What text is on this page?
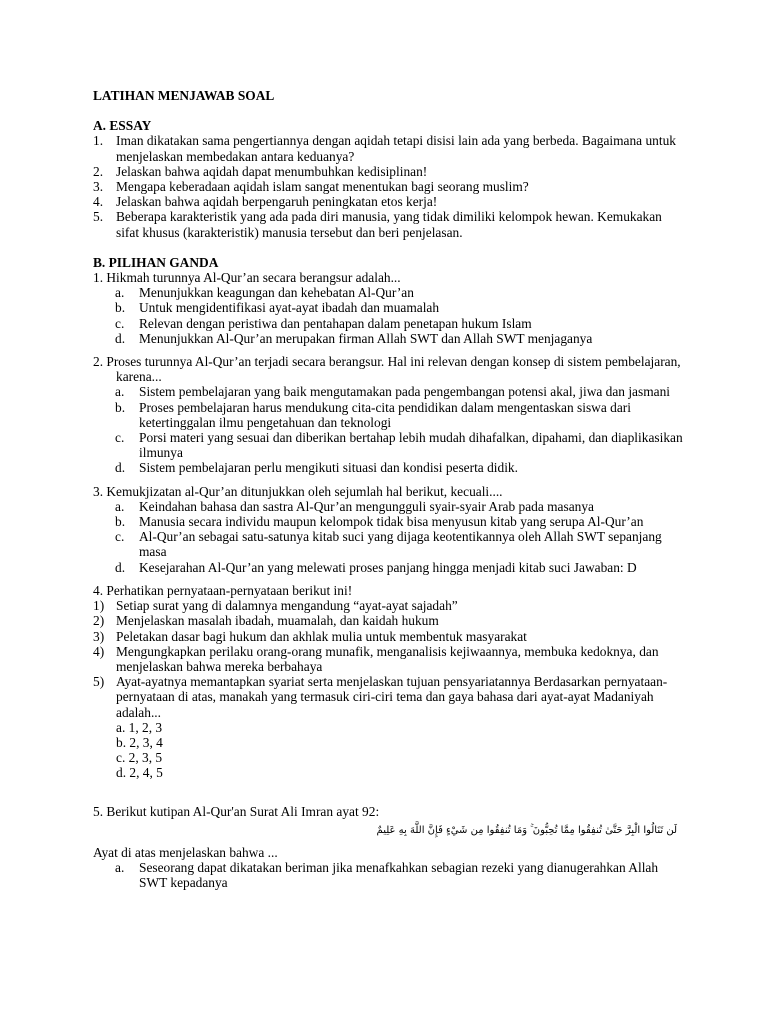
LATIHAN MENJAWAB SOAL

A. ESSAY

1. Iman dikatakan sama pengertiannya dengan aqidah tetapi disisi lain ada yang berbeda. Bagaimana untuk menjelaskan membedakan antara keduanya?
2. Jelaskan bahwa aqidah dapat menumbuhkan kedisiplinan!
3. Mengapa keberadaan aqidah islam sangat menentukan bagi seorang muslim?
4. Jelaskan bahwa aqidah berpengaruh peningkatan etos kerja!
5. Beberapa karakteristik yang ada pada diri manusia, yang tidak dimiliki kelompok hewan. Kemukakan sifat khusus (karakteristik) manusia tersebut dan beri penjelasan.

B. PILIHAN GANDA

1. Hikmah turunnya Al-Qur’an secara berangsur adalah...

a.	Menunjukkan keagungan dan kehebatan Al-Qur’an
b.	Untuk mengidentifikasi ayat-ayat ibadah dan muamalah
c.	Relevan dengan peristiwa dan pentahapan dalam penetapan hukum Islam
d.	Menunjukkan Al-Qur’an merupakan firman Allah SWT dan Allah SWT menjaganya

2. Proses turunnya Al-Qur’an terjadi secara berangsur. Hal ini relevan dengan konsep di sistem pembelajaran, karena...

a.	Sistem pembelajaran yang baik mengutamakan pada pengembangan potensi akal, jiwa dan jasmani
b.	Proses pembelajaran harus mendukung cita-cita pendidikan dalam mengentaskan siswa dari ketertinggalan ilmu pengetahuan dan teknologi
c.	Porsi materi yang sesuai dan diberikan bertahap lebih mudah dihafalkan, dipahami, dan diaplikasikan ilmunya
d.	Sistem pembelajaran perlu mengikuti situasi dan kondisi peserta didik.

3. Kemukjizatan al-Qur’an ditunjukkan oleh sejumlah hal berikut, kecuali....

a.	Keindahan bahasa dan sastra Al-Qur’an mengungguli syair-syair Arab pada masanya
b.	Manusia secara individu maupun kelompok tidak bisa menyusun kitab yang serupa Al-Qur’an
c.	Al-Qur’an sebagai satu-satunya kitab suci yang dijaga keotentikannya oleh Allah SWT sepanjang masa
d.	Kesejarahan Al-Qur’an yang melewati proses panjang hingga menjadi kitab suci Jawaban: D

4. Perhatikan pernyataan-pernyataan berikut ini!

1) Setiap surat yang di dalamnya mengandung “ayat-ayat sajadah”
2) Menjelaskan masalah ibadah, muamalah, dan kaidah hukum
3) Peletakan dasar bagi hukum dan akhlak mulia untuk membentuk masyarakat
4) Mengungkapkan perilaku orang-orang munafik, menganalisis kejiwaannya, membuka kedoknya, dan menjelaskan bahwa mereka berbahaya
5) Ayat-ayatnya memantapkan syariat serta menjelaskan tujuan pensyariatannya Berdasarkan pernyataan-pernyataan di atas, manakah yang termasuk ciri-ciri tema dan gaya bahasa dari ayat-ayat Madaniyah adalah...

a. 1, 2, 3

b. 2, 3, 4

c. 2, 3, 5

d. 2, 4, 5

5. Berikut kutipan Al-Qur'an Surat Ali Imran ayat 92:

لَن تَنَالُوا الْبِرَّ حَتَّىٰ تُنفِقُوا مِمَّا تُحِبُّونَ ۚ وَمَا تُنفِقُوا مِن شَيْءٍ فَإِنَّ اللَّهَ بِهِ عَلِيمٌ

Ayat di atas menjelaskan bahwa ...

a.	Seseorang dapat dikatakan beriman jika menafkahkan sebagian rezeki yang dianugerahkan Allah SWT kepadanya
